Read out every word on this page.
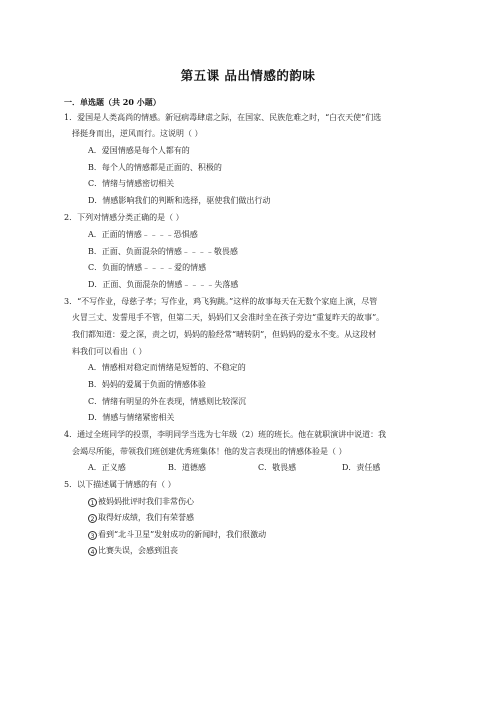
第五课 品出情感的韵味
一．单选题（共 20 小题）
1．爱国是人类高尚的情感。新冠病毒肆虐之际，在国家、民族危难之时，“白衣天使”们选
择挺身而出，逆风而行。这说明（ ）
A．爱国情感是每个人都有的
B．每个人的情感都是正面的、积极的
C．情绪与情感密切相关
D．情感影响我们的判断和选择，驱使我们做出行动
2．下列对情感分类正确的是（ ）
A．正面的情感﹣﹣﹣﹣恐惧感
B．正面、负面混杂的情感﹣﹣﹣﹣敬畏感
C．负面的情感﹣﹣﹣﹣爱的情感
D．正面、负面混杂的情感﹣﹣﹣﹣失落感
3．“不写作业，母慈子孝；写作业，鸡飞狗跳。”这样的故事每天在无数个家庭上演，尽管
火冒三丈、发誓甩手不管，但第二天，妈妈们又会准时坐在孩子旁边“重复昨天的故事”。
我们都知道：爱之深，责之切，妈妈的脸经常“晴转阴”，但妈妈的爱永不变。从这段材
料我们可以看出（ ）
A．情感相对稳定而情绪是短暂的、不稳定的
B．妈妈的爱属于负面的情感体验
C．情绪有明显的外在表现，情感则比较深沉
D．情感与情绪紧密相关
4．通过全班同学的投票，李明同学当选为七年级（2）班的班长。他在就职演讲中说道：我
会竭尽所能，带领我们班创建优秀班集体！他的发言表现出的情感体验是（ ）
A．正义感	B．道德感	C．敬畏感	D．责任感
5．以下描述属于情感的有（ ）
1 被妈妈批评时我们非常伤心
2 取得好成绩，我们有荣誉感
3 看到“北斗卫星”发射成功的新闻时，我们很激动
4 比赛失误，会感到沮丧
